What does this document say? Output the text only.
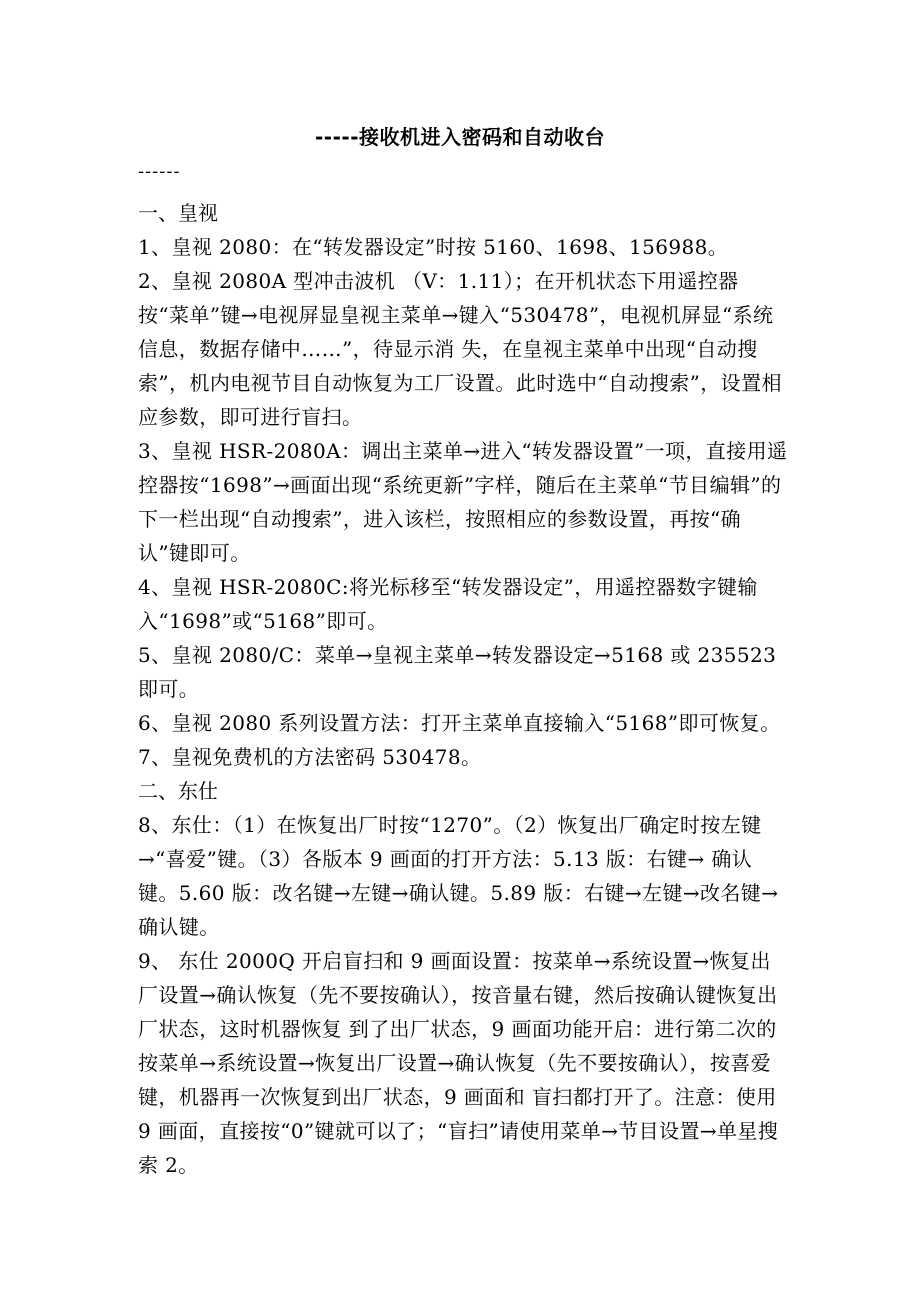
-----接收机进入密码和自动收台
------

一、皇视

1、皇视 2080：在“转发器设定”时按 5160、1698、156988。

2、皇视 2080A 型冲击波机 （V：1.11）；在开机状态下用遥控器按“菜单”键→电视屏显皇视主菜单→键入“530478”，电视机屏显“系统信息，数据存储中……”，待显示消 失，在皇视主菜单中出现“自动搜索”，机内电视节目自动恢复为工厂设置。此时选中“自动搜索”，设置相应参数，即可进行盲扫。

3、皇视 HSR-2080A：调出主菜单→进入“转发器设置”一项，直接用遥控器按“1698”→画面出现“系统更新”字样，随后在主菜单“节目编辑”的下一栏出现“自动搜索”，进入该栏，按照相应的参数设置，再按“确认”键即可。

4、皇视 HSR-2080C:将光标移至“转发器设定”，用遥控器数字键输入“1698”或“5168”即可。

5、皇视 2080/C：菜单→皇视主菜单→转发器设定→5168 或 235523 即可。

6、皇视 2080 系列设置方法：打开主菜单直接输入“5168”即可恢复。

7、皇视免费机的方法密码 530478。

二、东仕

8、东仕：（1）在恢复出厂时按“1270”。（2）恢复出厂确定时按左键→“喜爱”键。（3）各版本 9 画面的打开方法：5.13 版：右键→ 确认键。5.60 版：改名键→左键→确认键。5.89 版：右键→左键→改名键→确认键。

9、 东仕 2000Q 开启盲扫和 9 画面设置：按菜单→系统设置→恢复出厂设置→确认恢复（先不要按确认），按音量右键，然后按确认键恢复出厂状态，这时机器恢复 到了出厂状态，9 画面功能开启：进行第二次的按菜单→系统设置→恢复出厂设置→确认恢复（先不要按确认），按喜爱键，机器再一次恢复到出厂状态，9 画面和 盲扫都打开了。注意：使用 9 画面，直接按“0”键就可以了；“盲扫”请使用菜单→节目设置→单星搜索 2。
